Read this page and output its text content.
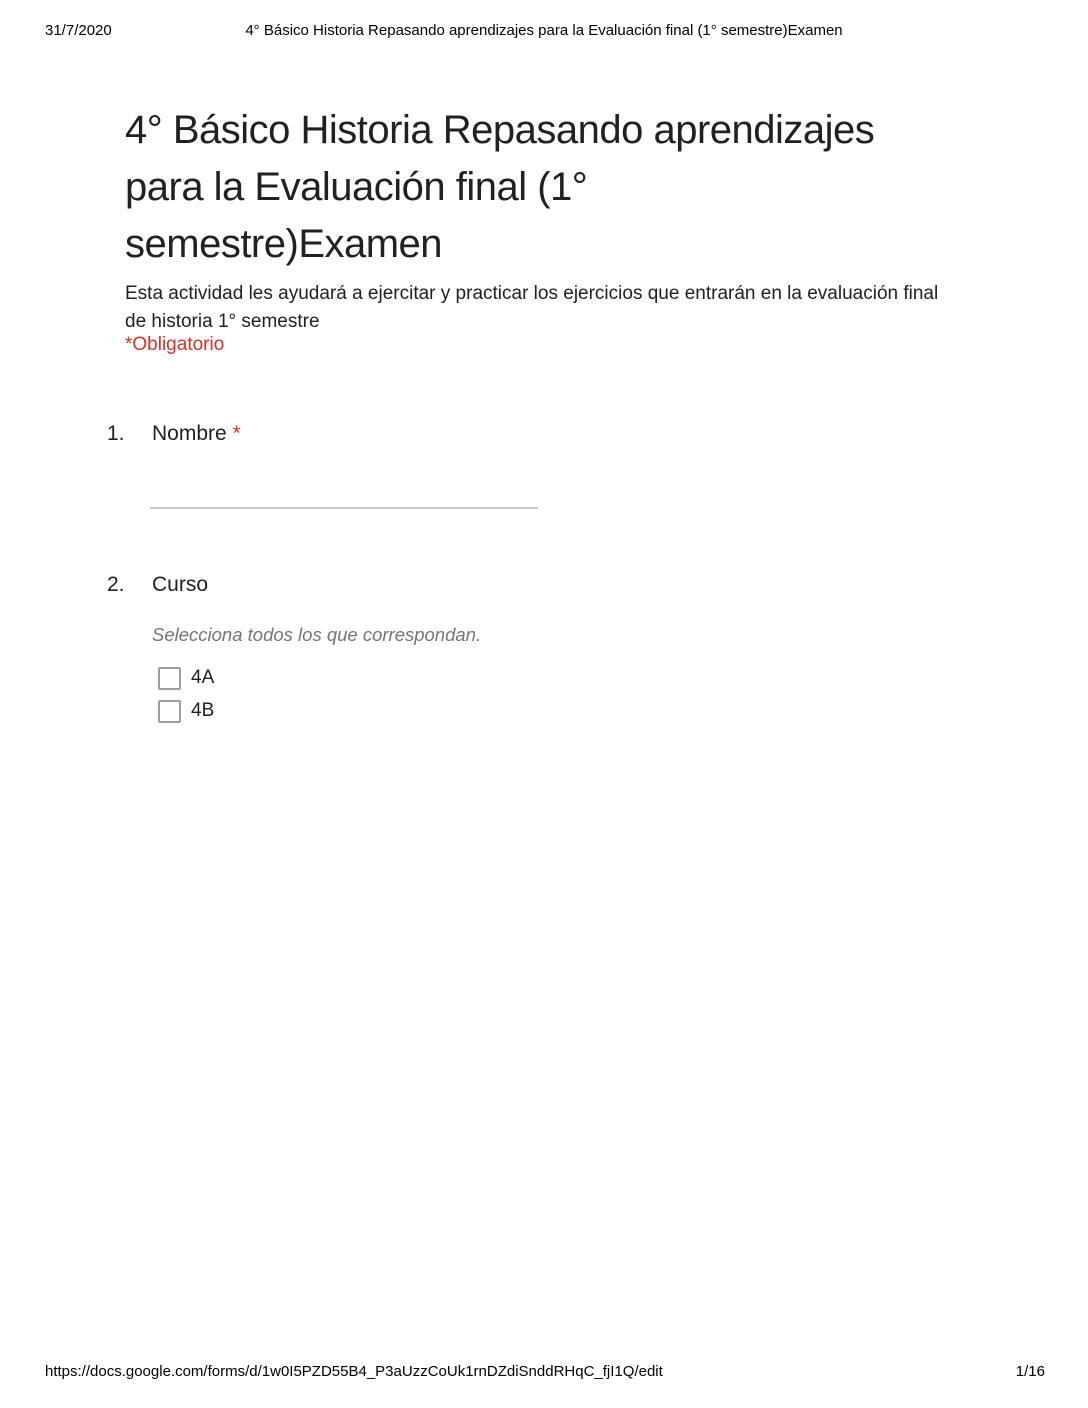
31/7/2020	4° Básico Historia Repasando aprendizajes para la Evaluación final (1° semestre)Examen
4° Básico Historia Repasando aprendizajes
para la Evaluación final (1°
semestre)Examen
Esta actividad les ayudará a ejercitar y practicar los ejercicios que entrarán en la evaluación final
de historia 1° semestre
*Obligatorio
1. Nombre *
2. Curso
Selecciona todos los que correspondan.
4A
4B
https://docs.google.com/forms/d/1w0I5PZD55B4_P3aUzzCoUk1rnDZdiSnddRHqC_fjI1Q/edit	1/16
